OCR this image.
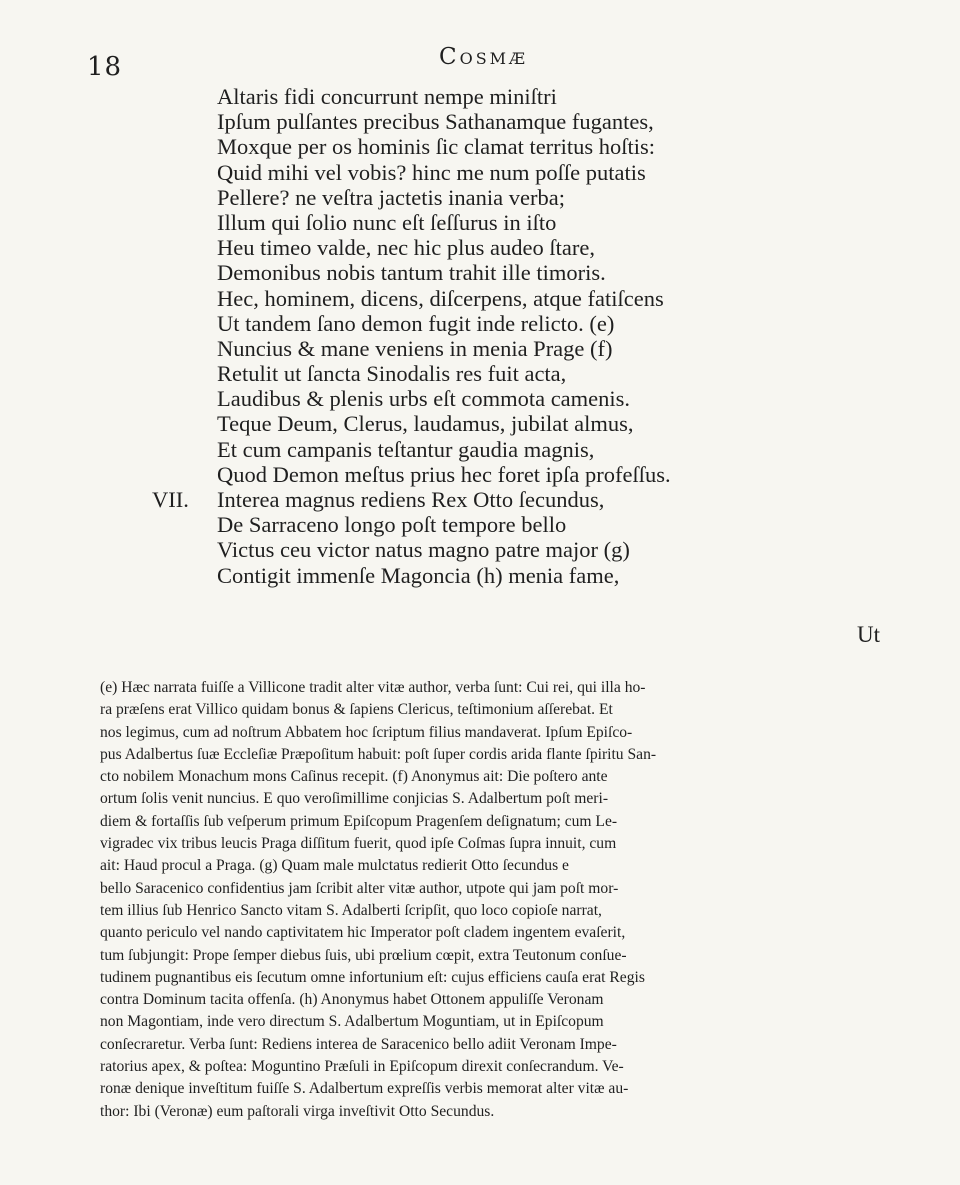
18	Cosmæ
Altaris fidi concurrunt nempe miniſtri
Ipſum pulſantes precibus Sathanamque fugantes,
Moxque per os hominis ſic clamat territus hoſtis:
Quid mihi vel vobis? hinc me num poſſe putatis
Pellere? ne veſtra jactetis inania verba;
Illum qui ſolio nunc eſt ſeſſurus in iſto
Heu timeo valde, nec hic plus audeo ſtare,
Demonibus nobis tantum trahit ille timoris.
Hec, hominem, dicens, diſcerpens, atque fatiſcens
Ut tandem ſano demon fugit inde relicto. (e)
Nuncius & mane veniens in menia Prage (f)
Retulit ut ſancta Sinodalis res fuit acta,
Laudibus & plenis urbs eſt commota camenis.
Teque Deum, Clerus, laudamus, jubilat almus,
Et cum campanis teſtantur gaudia magnis,
Quod Demon meſtus prius hec foret ipſa profeſſus.
VII. Interea magnus rediens Rex Otto ſecundus,
De Sarraceno longo poſt tempore bello
Victus ceu victor natus magno patre major (g)
Contigit immenſe Magoncia (h) menia fame,
Ut
(e) Hæc narrata fuiſſe a Villicone tradit alter vitæ author, verba ſunt: Cui rei, qui illa ho-
ra præſens erat Villico quidam bonus & ſapiens Clericus, teſtimonium aſſerebat. Et
nos legimus, cum ad noſtrum Abbatem hoc ſcriptum filius mandaverat. Ipſum Epiſco-
pus Adalbertus ſuæ Eccleſiæ Præpoſitum habuit: poſt ſuper cordis arida flante ſpiritu San-
cto nobilem Monachum mons Caſinus recepit. (f) Anonymus ait: Die poſtero ante
ortum ſolis venit nuncius. E quo veroſimillime conjicias S. Adalbertum poſt meri-
diem & fortaſſis ſub veſperum primum Epiſcopum Pragenſem deſignatum; cum Le-
vigradec vix tribus leucis Praga diſſitum fuerit, quod ipſe Coſmas ſupra innuit, cum
ait: Haud procul a Praga. (g) Quam male mulctatus redierit Otto ſecundus e
bello Saracenico confidentius jam ſcribit alter vitæ author, utpote qui jam poſt mor-
tem illius ſub Henrico Sancto vitam S. Adalberti ſcripſit, quo loco copioſe narrat,
quanto periculo vel nando captivitatem hic Imperator poſt cladem ingentem evaſerit,
tum ſubjungit: Prope ſemper diebus ſuis, ubi prœlium cœpit, extra Teutonum conſue-
tudinem pugnantibus eis ſecutum omne infortunium eſt: cujus efficiens cauſa erat Regis
contra Dominum tacita offenſa. (h) Anonymus habet Ottonem appuliſſe Veronam
non Magontiam, inde vero directum S. Adalbertum Moguntiam, ut in Epiſcopum
conſecraretur. Verba ſunt: Rediens interea de Saracenico bello adiit Veronam Impe-
ratorius apex, & poſtea: Moguntino Præſuli in Epiſcopum direxit conſecrandum. Ve-
ronæ denique inveſtitum fuiſſe S. Adalbertum expreſſis verbis memorat alter vitæ au-
thor: Ibi (Veronæ) eum paſtorali virga inveſtivit Otto Secundus.
